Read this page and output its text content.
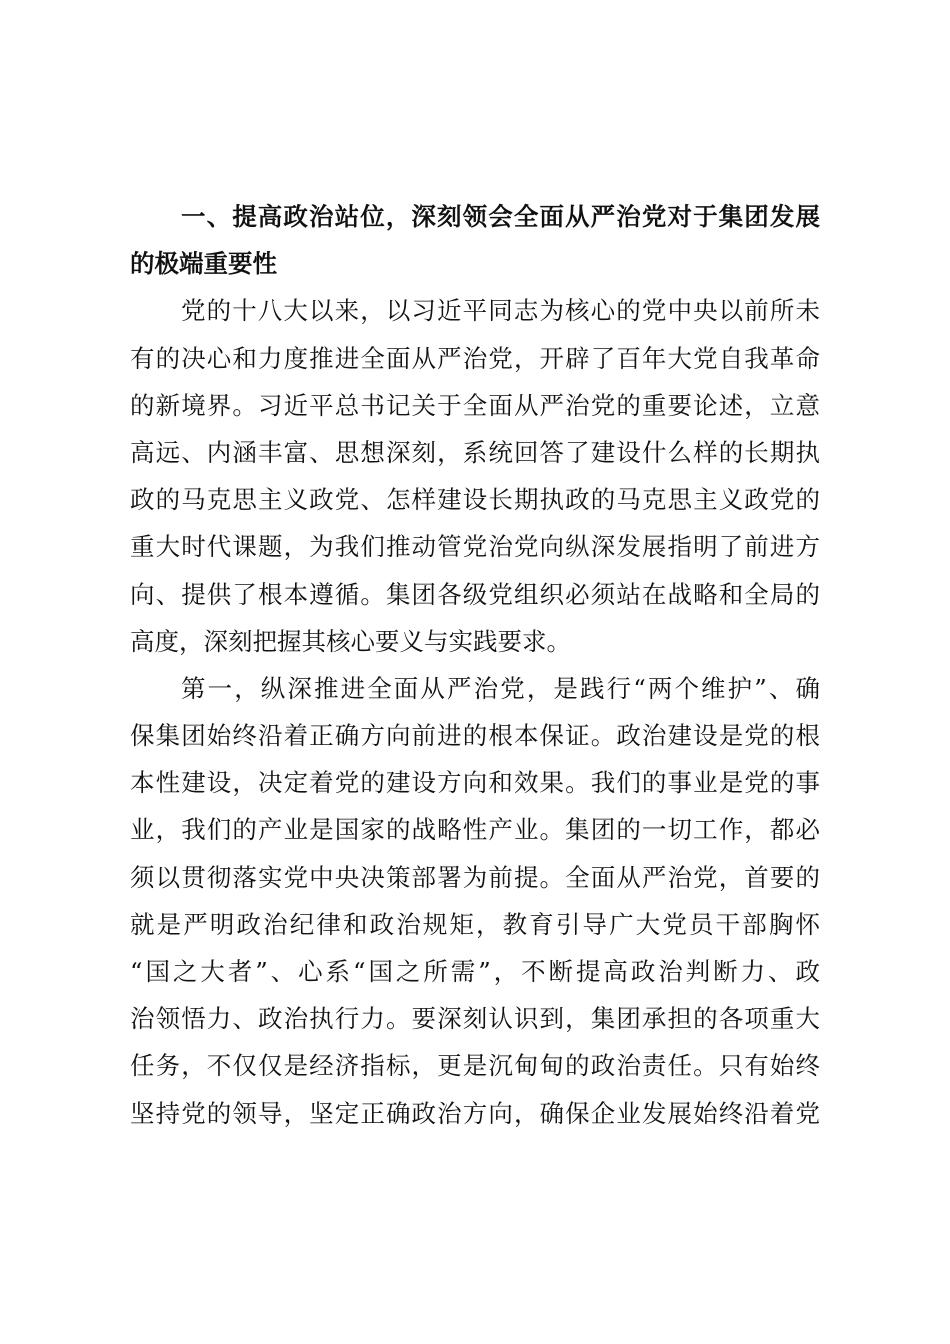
一、提高政治站位，深刻领会全面从严治党对于集团发展
的极端重要性
党的十八大以来，以习近平同志为核心的党中央以前所未
有的决心和力度推进全面从严治党，开辟了百年大党自我革命
的新境界。习近平总书记关于全面从严治党的重要论述，立意
高远、内涵丰富、思想深刻，系统回答了建设什么样的长期执
政的马克思主义政党、怎样建设长期执政的马克思主义政党的
重大时代课题，为我们推动管党治党向纵深发展指明了前进方
向、提供了根本遵循。集团各级党组织必须站在战略和全局的
高度，深刻把握其核心要义与实践要求。
第一，纵深推进全面从严治党，是践行“两个维护”、确
保集团始终沿着正确方向前进的根本保证。政治建设是党的根
本性建设，决定着党的建设方向和效果。我们的事业是党的事
业，我们的产业是国家的战略性产业。集团的一切工作，都必
须以贯彻落实党中央决策部署为前提。全面从严治党，首要的
就是严明政治纪律和政治规矩，教育引导广大党员干部胸怀
“国之大者”、心系“国之所需”，不断提高政治判断力、政
治领悟力、政治执行力。要深刻认识到，集团承担的各项重大
任务，不仅仅是经济指标，更是沉甸甸的政治责任。只有始终
坚持党的领导，坚定正确政治方向，确保企业发展始终沿着党
